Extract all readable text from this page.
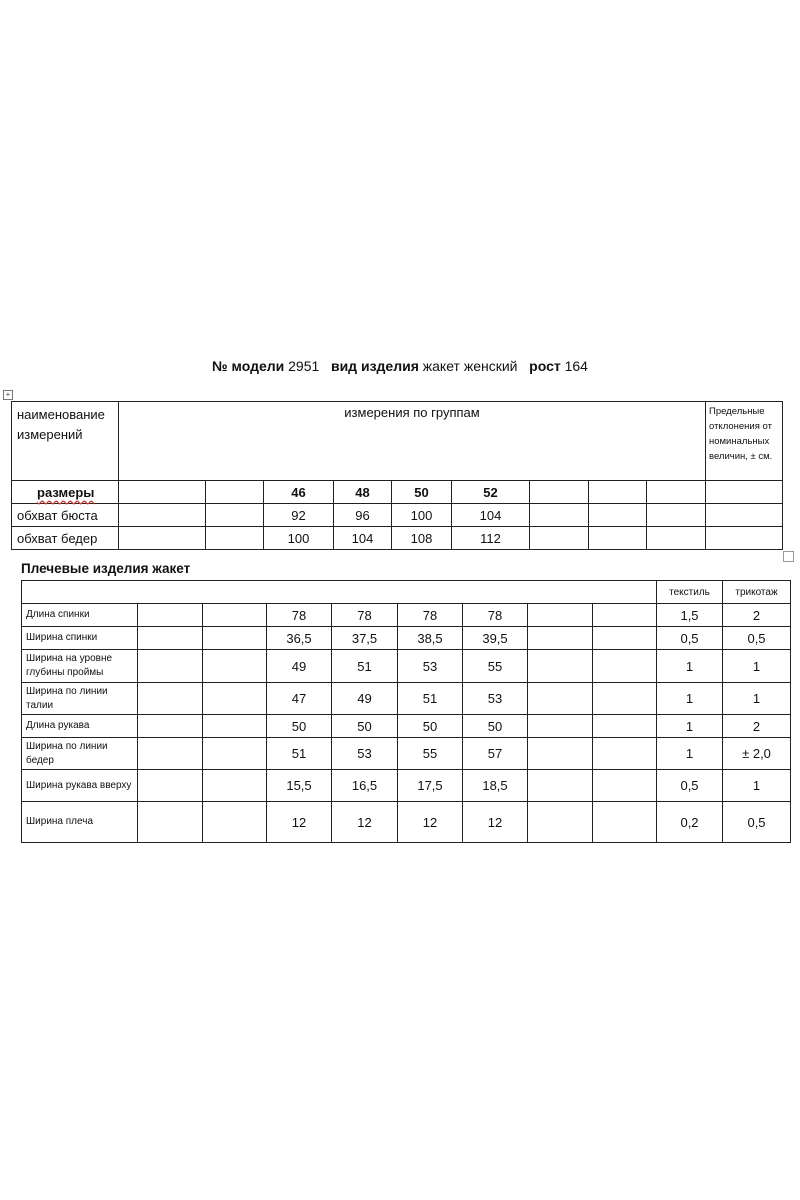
№ модели 2951 вид изделия жакет женский рост 164
+
наименование измерений	измерения по группам									Предельные отклонения от номинальных величин, ± см.
размеры			46	48	50	52				
обхват бюста			92	96	100	104				
обхват бедер			100	104	108	112				
Плечевые изделия жакет
									текстиль	трикотаж
Длина спинки			78	78	78	78			1,5	2
Ширина спинки			36,5	37,5	38,5	39,5			0,5	0,5
Ширина на уровне глубины проймы			49	51	53	55			1	1
Ширина по линии талии			47	49	51	53			1	1
Длина рукава			50	50	50	50			1	2
Ширина по линии бедер			51	53	55	57			1	± 2,0
Ширина рукава вверху			15,5	16,5	17,5	18,5			0,5	1
Ширина плеча			12	12	12	12			0,2	0,5
